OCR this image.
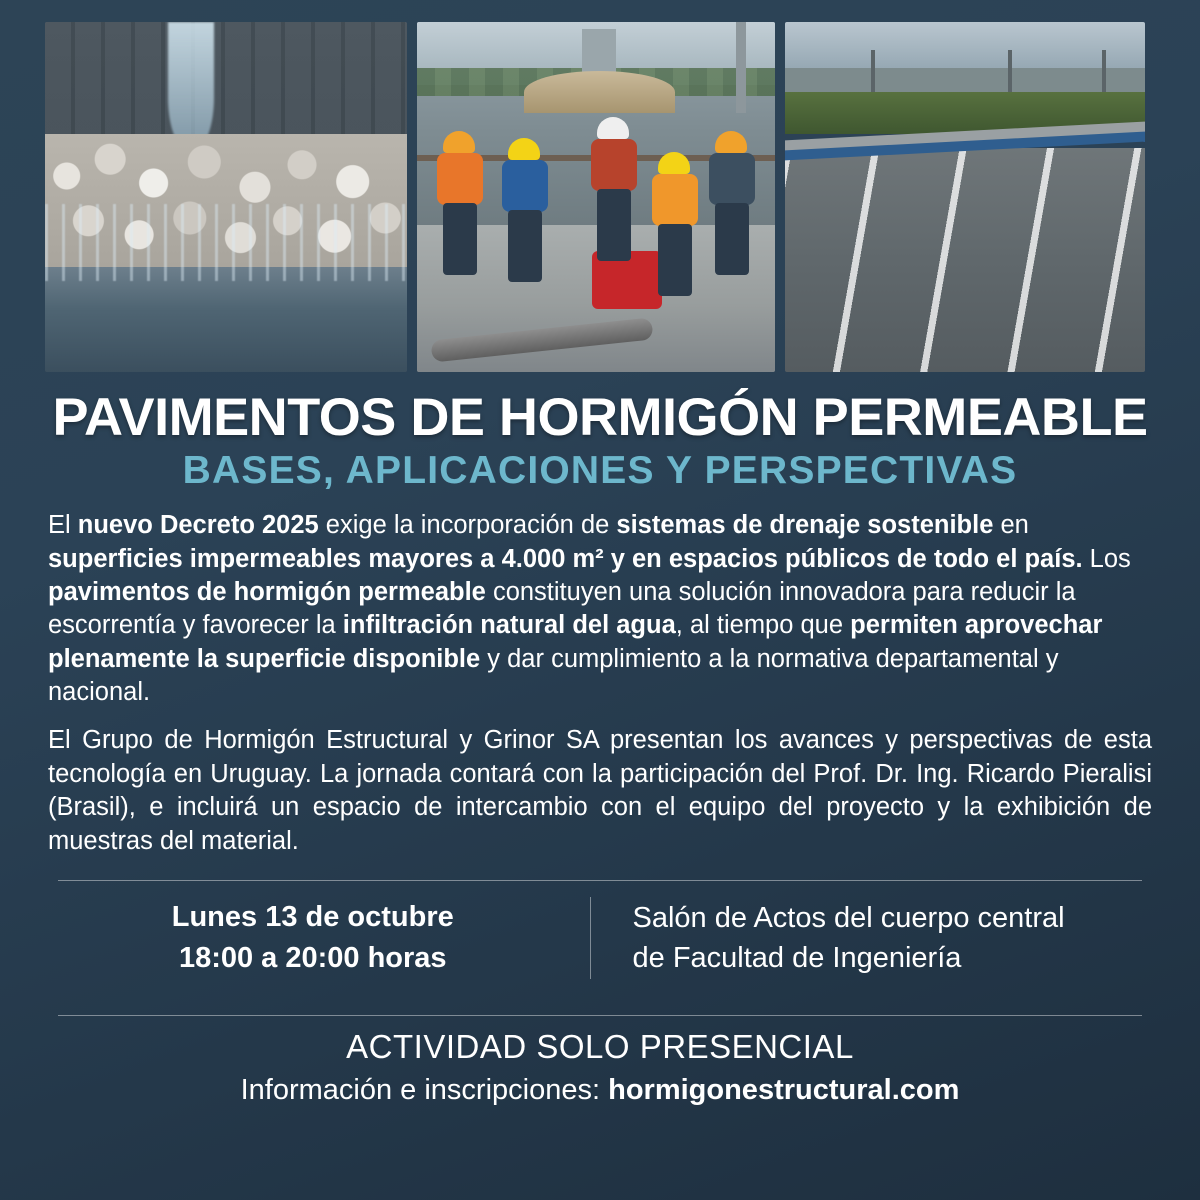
PAVIMENTOS DE HORMIGÓN PERMEABLE
BASES, APLICACIONES Y PERSPECTIVAS

El nuevo Decreto 2025 exige la incorporación de sistemas de drenaje sostenible en superficies impermeables mayores a 4.000 m² y en espacios públicos de todo el país. Los pavimentos de hormigón permeable constituyen una solución innovadora para reducir la escorrentía y favorecer la infiltración natural del agua, al tiempo que permiten aprovechar plenamente la superficie disponible y dar cumplimiento a la normativa departamental y nacional.

El Grupo de Hormigón Estructural y Grinor SA presentan los avances y perspectivas de esta tecnología en Uruguay. La jornada contará con la participación del Prof. Dr. Ing. Ricardo Pieralisi (Brasil), e incluirá un espacio de intercambio con el equipo del proyecto y la exhibición de muestras del material.

Lunes 13 de octubre
18:00 a 20:00 horas
Salón de Actos del cuerpo central
de Facultad de Ingeniería
ACTIVIDAD SOLO PRESENCIAL
Información e inscripciones: hormigonestructural.com
